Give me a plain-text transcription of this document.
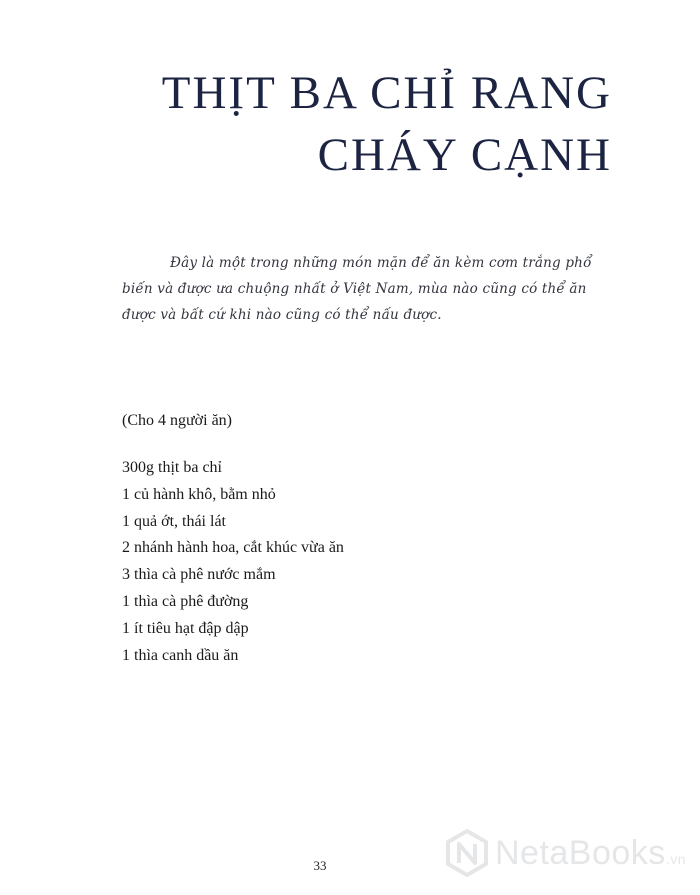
THỊT BA CHỈ RANG
CHÁY CẠNH

Đây là một trong những món mặn để ăn kèm cơm trắng phổ biến và được ưa chuộng nhất ở Việt Nam, mùa nào cũng có thể ăn được và bất cứ khi nào cũng có thể nấu được.

(Cho 4 người ăn)
300g thịt ba chỉ
1 củ hành khô, bằm nhỏ
1 quả ớt, thái lát
2 nhánh hành hoa, cắt khúc vừa ăn
3 thìa cà phê nước mắm
1 thìa cà phê đường
1 ít tiêu hạt đập dập
1 thìa canh dầu ăn
33	NetaBooks.vn
